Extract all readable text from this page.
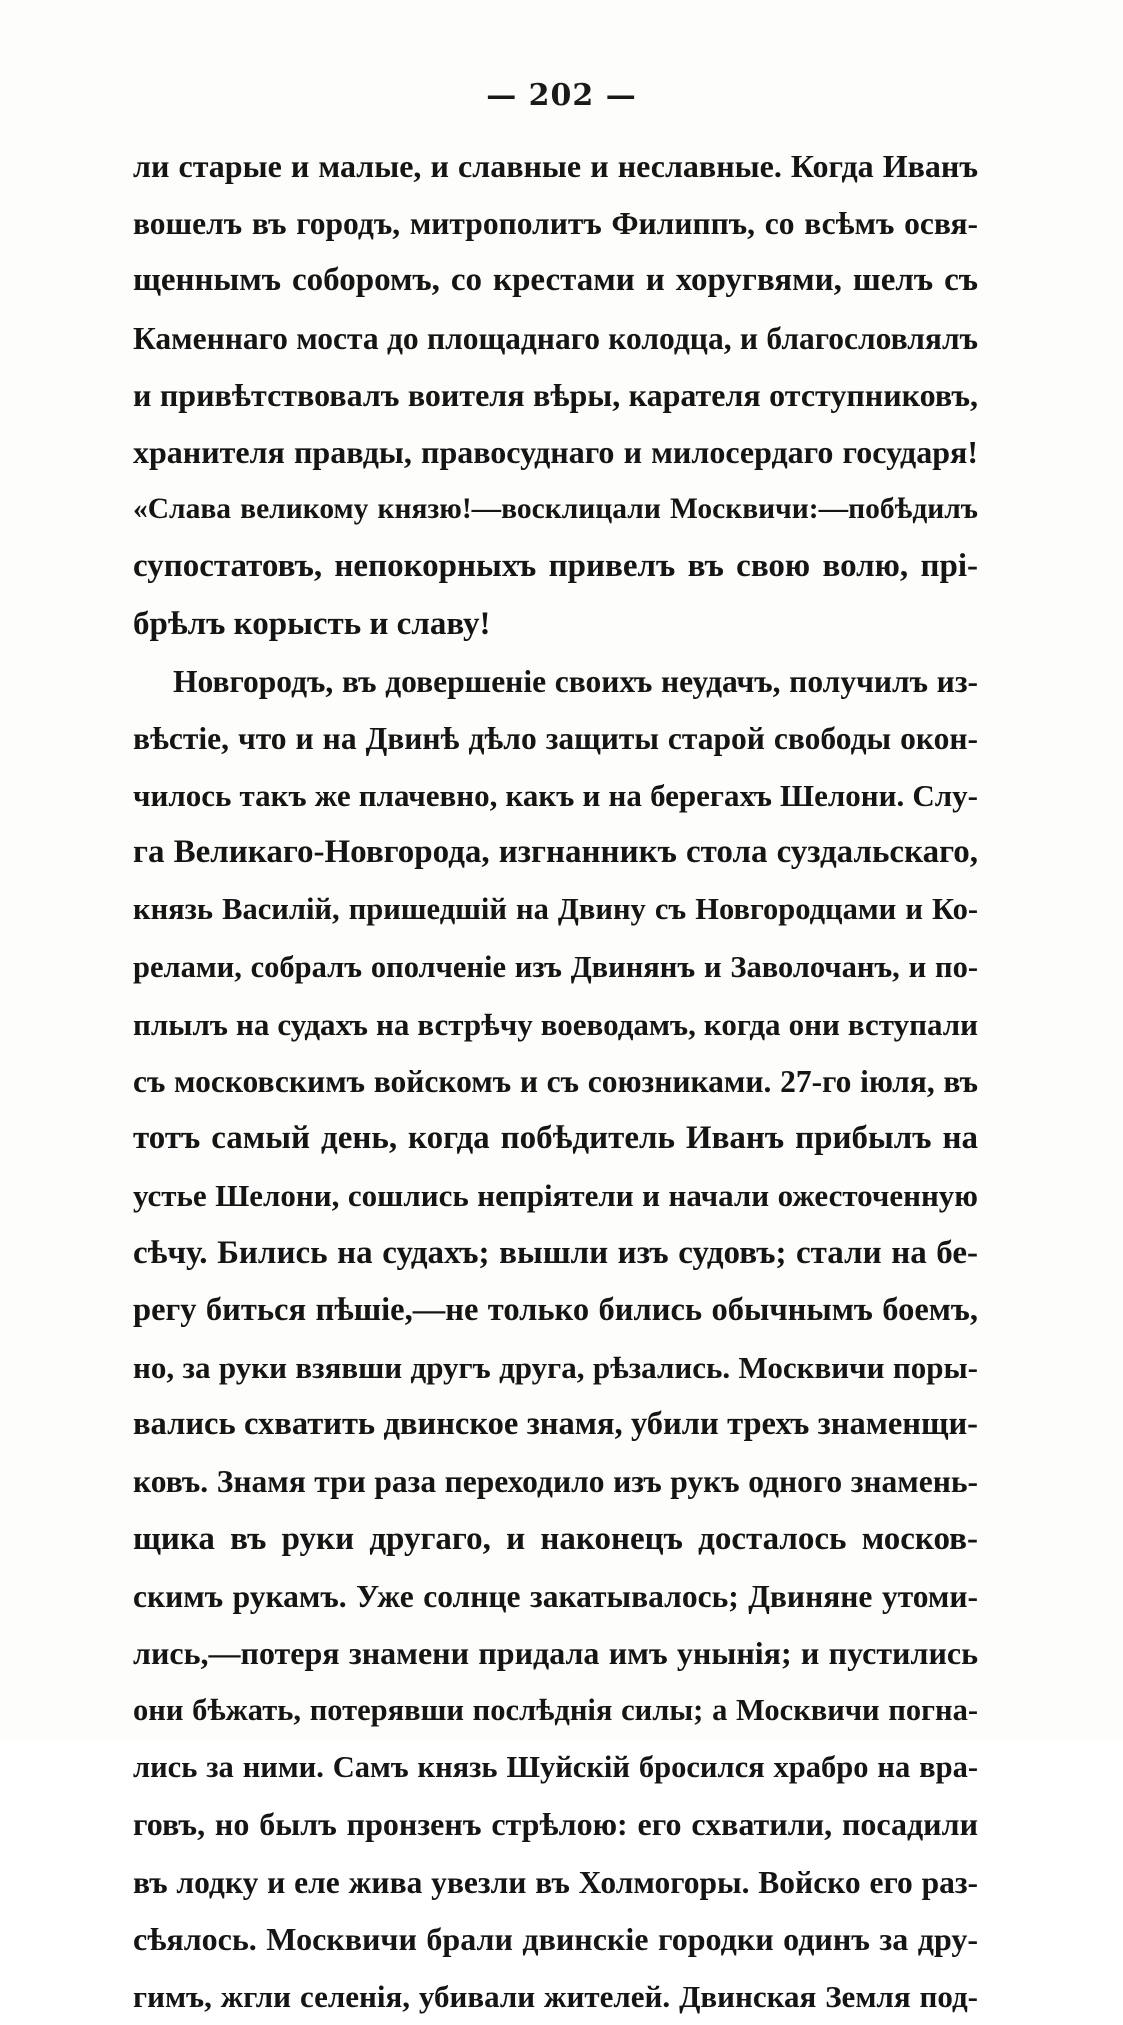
— 202 —
ли старые и малые, и славные и неславные. Когда Иванъ
вошелъ въ городъ, митрополитъ Филиппъ, со всѣмъ освя-
щеннымъ соборомъ, со крестами и хоругвями, шелъ съ
Каменнаго моста до площаднаго колодца, и благословлялъ
и привѣтствовалъ воителя вѣры, карателя отступниковъ,
хранителя правды, правосуднаго и милосердаго государя!
«Слава великому князю!—восклицали Москвичи:—побѣдилъ
супостатовъ, непокорныхъ привелъ въ свою волю, прі-
брѣлъ корысть и славу!
Новгородъ, въ довершеніе своихъ неудачъ, получилъ из-
вѣстіе, что и на Двинѣ дѣло защиты старой свободы окон-
чилось такъ же плачевно, какъ и на берегахъ Шелони. Слу-
га Великаго-Новгорода, изгнанникъ стола суздальскаго,
князь Василій, пришедшій на Двину съ Новгородцами и Ко-
релами, собралъ ополченіе изъ Двинянъ и Заволочанъ, и по-
плылъ на судахъ на встрѣчу воеводамъ, когда они вступали
съ московскимъ войскомъ и съ союзниками. 27-го іюля, въ
тотъ самый день, когда побѣдитель Иванъ прибылъ на
устье Шелони, сошлись непріятели и начали ожесточенную
сѣчу. Бились на судахъ; вышли изъ судовъ; стали на бе-
регу биться пѣшіе,—не только бились обычнымъ боемъ,
но, за руки взявши другъ друга, рѣзались. Москвичи поры-
вались схватить двинское знамя, убили трехъ знаменщи-
ковъ. Знамя три раза переходило изъ рукъ одного знамень-
щика въ руки другаго, и наконецъ досталось москов-
скимъ рукамъ. Уже солнце закатывалось; Двиняне утоми-
лись,—потеря знамени придала имъ унынія; и пустились
они бѣжать, потерявши послѣднія силы; а Москвичи погна-
лись за ними. Самъ князь Шуйскій бросился храбро на вра-
говъ, но былъ пронзенъ стрѣлою: его схватили, посадили
въ лодку и еле жива увезли въ Холмогоры. Войско его раз-
сѣялось. Москвичи брали двинскіе городки одинъ за дру-
гимъ, жгли селенія, убивали жителей. Двинская Земля под-
